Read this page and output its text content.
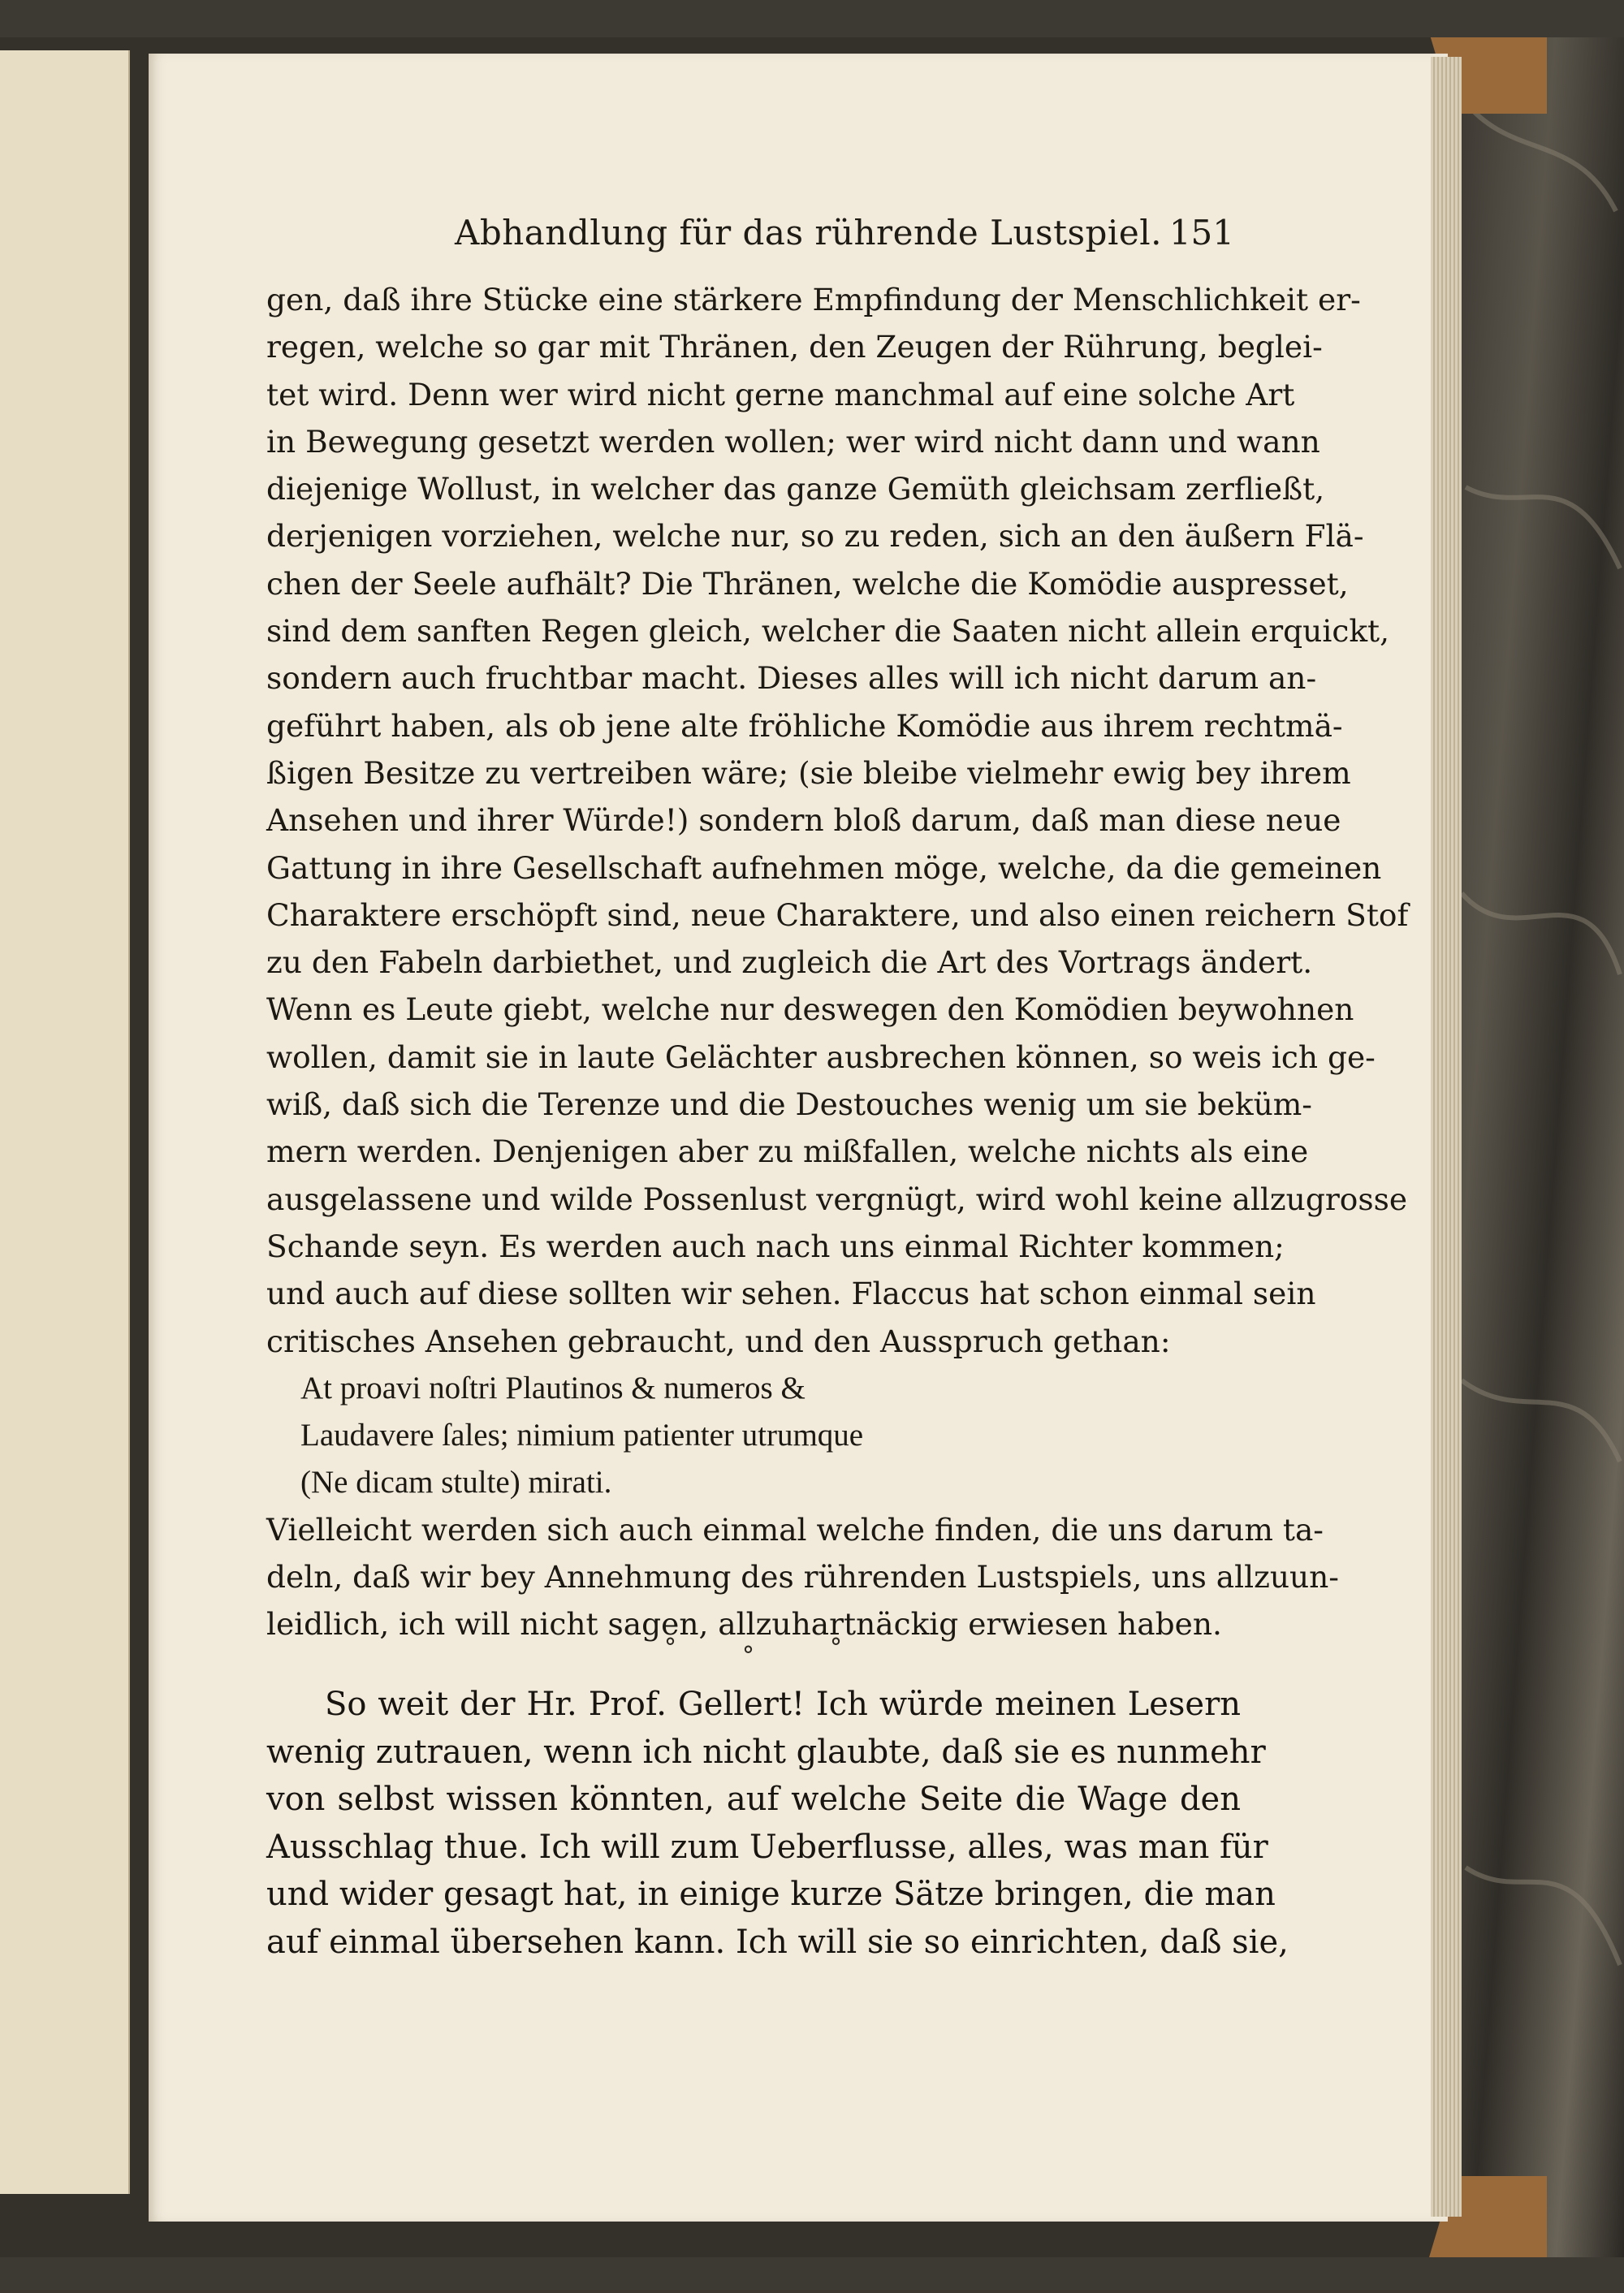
Abhandlung für das rührende Lustspiel. 151
gen, daß ihre Stücke eine stärkere Empfindung der Menschlichkeit er-
regen, welche so gar mit Thränen, den Zeugen der Rührung, beglei-
tet wird. Denn wer wird nicht gerne manchmal auf eine solche Art
in Bewegung gesetzt werden wollen; wer wird nicht dann und wann
diejenige Wollust, in welcher das ganze Gemüth gleichsam zerfließt,
derjenigen vorziehen, welche nur, so zu reden, sich an den äußern Flä-
chen der Seele aufhält? Die Thränen, welche die Komödie auspresset,
sind dem sanften Regen gleich, welcher die Saaten nicht allein erquickt,
sondern auch fruchtbar macht. Dieses alles will ich nicht darum an-
geführt haben, als ob jene alte fröhliche Komödie aus ihrem rechtmä-
ßigen Besitze zu vertreiben wäre; (sie bleibe vielmehr ewig bey ihrem
Ansehen und ihrer Würde!) sondern bloß darum, daß man diese neue
Gattung in ihre Gesellschaft aufnehmen möge, welche, da die gemeinen
Charaktere erschöpft sind, neue Charaktere, und also einen reichern Stof
zu den Fabeln darbiethet, und zugleich die Art des Vortrags ändert.
Wenn es Leute giebt, welche nur deswegen den Komödien beywohnen
wollen, damit sie in laute Gelächter ausbrechen können, so weis ich ge-
wiß, daß sich die Terenze und die Destouches wenig um sie beküm-
mern werden. Denjenigen aber zu mißfallen, welche nichts als eine
ausgelassene und wilde Possenlust vergnügt, wird wohl keine allzugrosse
Schande seyn. Es werden auch nach uns einmal Richter kommen;
und auch auf diese sollten wir sehen. Flaccus hat schon einmal sein
critisches Ansehen gebraucht, und den Ausspruch gethan:
At proavi noſtri Plautinos & numeros &
Laudavere ſales; nimium patienter utrumque
(Ne dicam stulte) mirati.
Vielleicht werden sich auch einmal welche finden, die uns darum ta-
deln, daß wir bey Annehmung des rührenden Lustspiels, uns allzuun-
leidlich, ich will nicht sagen, allzuhartnäckig erwiesen haben.
°	°	°
So weit der Hr. Prof. Gellert! Ich würde meinen Lesern
wenig zutrauen, wenn ich nicht glaubte, daß sie es nunmehr
von selbst wissen könnten, auf welche Seite die Wage den
Ausschlag thue. Ich will zum Ueberflusse, alles, was man für
und wider gesagt hat, in einige kurze Sätze bringen, die man
auf einmal übersehen kann. Ich will sie so einrichten, daß sie,
